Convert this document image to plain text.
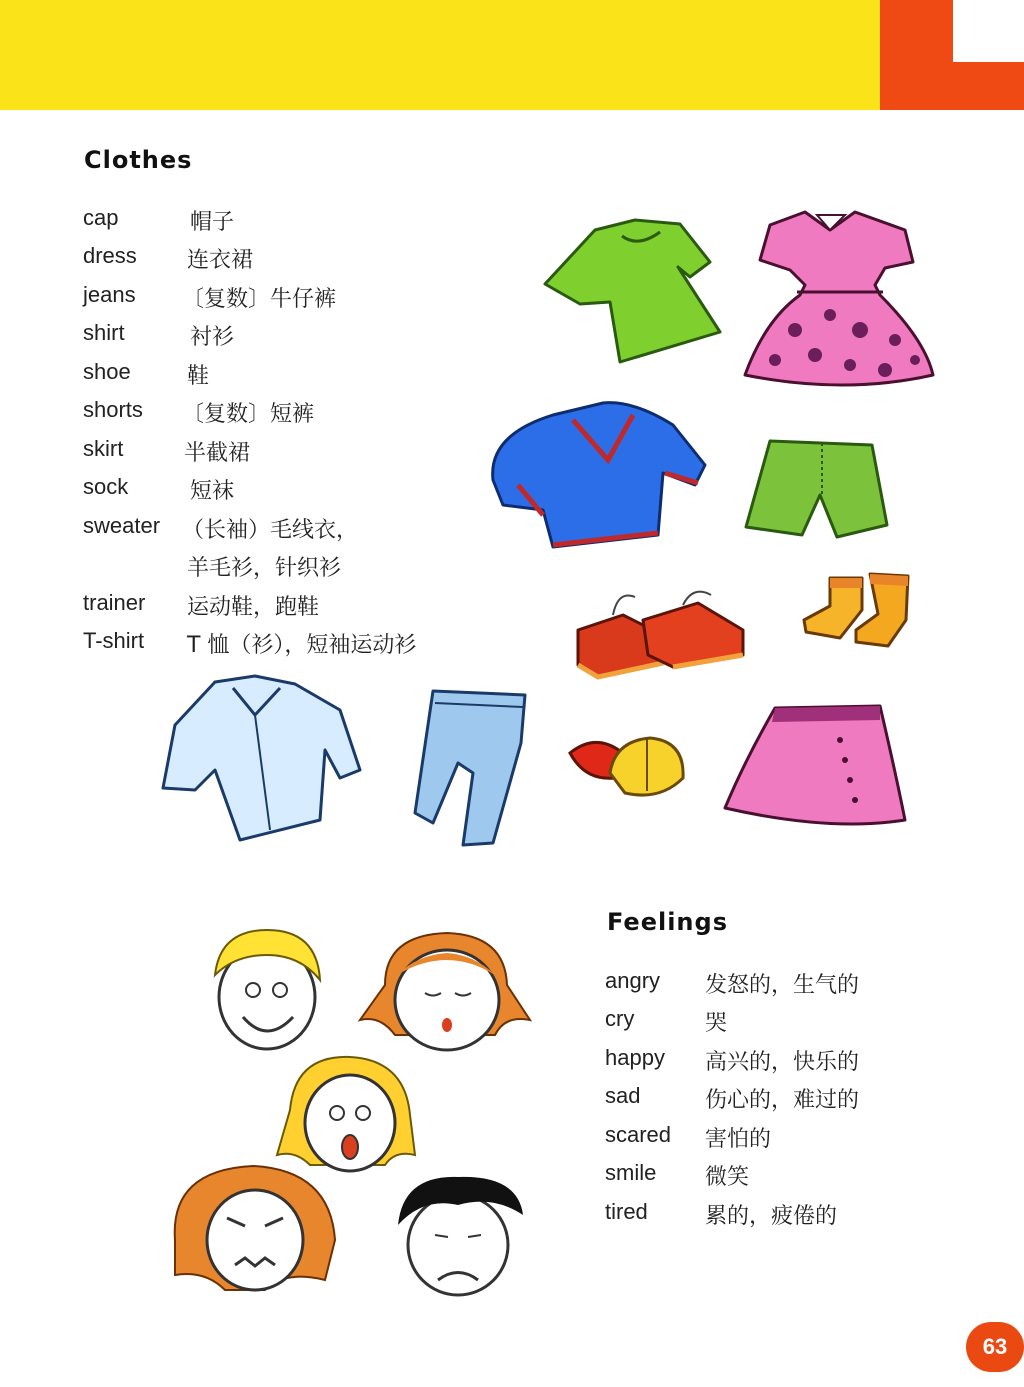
Clothes
cap	帽子
dress 连衣裙
jeans 〔复数〕牛仔裤
shirt	衬衫
shoe	鞋
shorts 〔复数〕短裤
skirt	半截裙
sock	短袜
sweater （长袖）毛线衣，
羊毛衫，针织衫
trainer 运动鞋，跑鞋
T-shirt T 恤（衫），短袖运动衫
Feelings
angry 发怒的，生气的
cry	哭
happy 高兴的，快乐的
sad	伤心的，难过的
scared 害怕的
smile 微笑
tired	累的，疲倦的
63
